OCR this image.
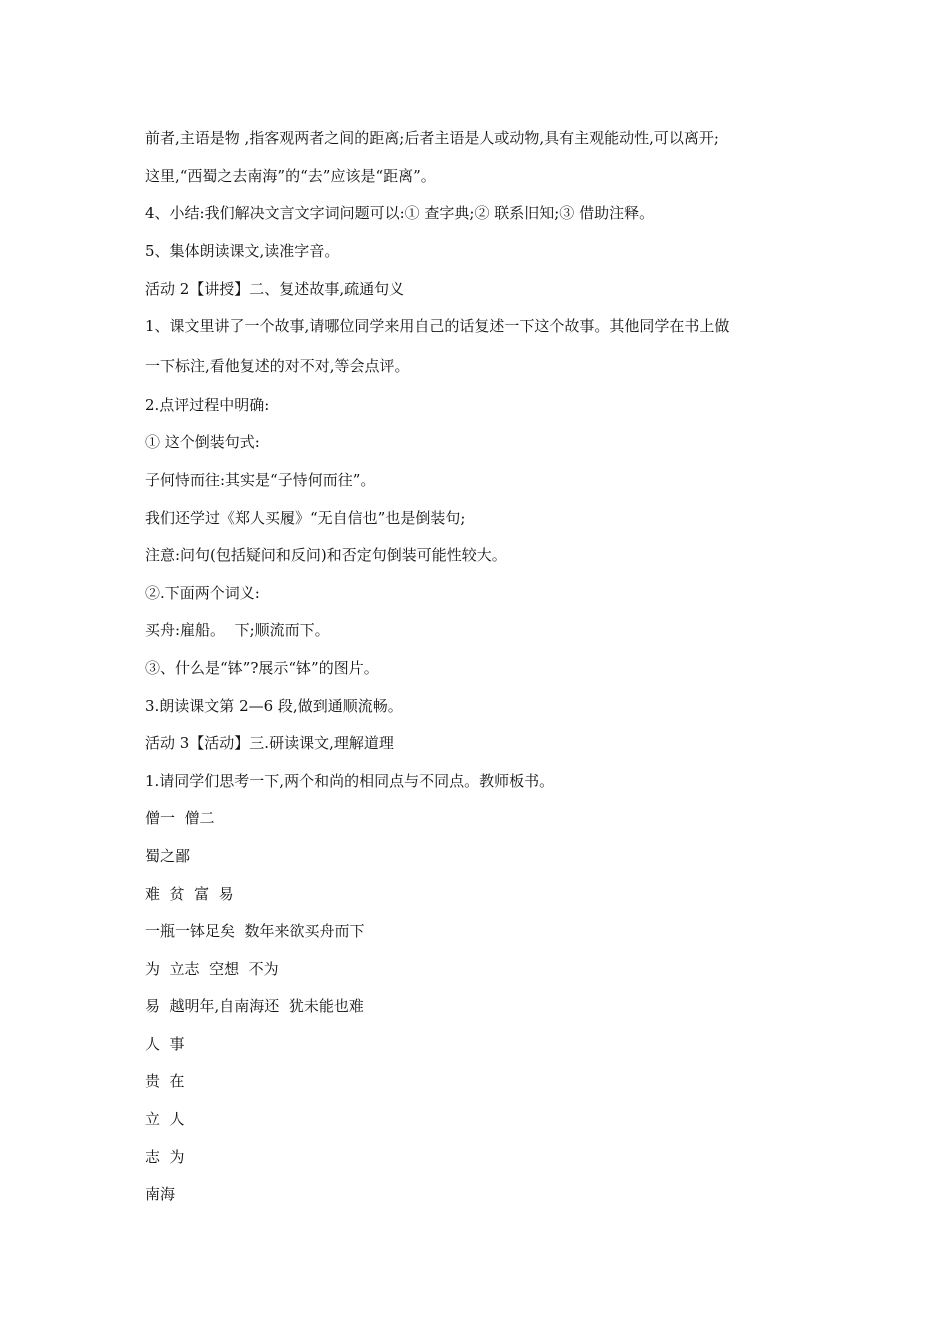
前者,主语是物 ,指客观两者之间的距离;后者主语是人或动物,具有主观能动性,可以离开;
这里,“西蜀之去南海”的“去”应该是“距离”。
4、小结:我们解决文言文字词问题可以:① 查字典;② 联系旧知;③ 借助注释。
5、集体朗读课文,读准字音。
活动 2【讲授】二、复述故事,疏通句义
1、课文里讲了一个故事,请哪位同学来用自己的话复述一下这个故事。其他同学在书上做
一下标注,看他复述的对不对,等会点评。
2.点评过程中明确:
① 这个倒装句式:
子何恃而往:其实是“子恃何而往”。
我们还学过《郑人买履》“无自信也”也是倒装句;
注意:问句(包括疑问和反问)和否定句倒装可能性较大。
②.下面两个词义:
买舟:雇船。  下;顺流而下。
③、什么是“钵”?展示“钵”的图片。
3.朗读课文第 2—6 段,做到通顺流畅。
活动 3【活动】三.研读课文,理解道理
1.请同学们思考一下,两个和尚的相同点与不同点。教师板书。
僧一  僧二
蜀之鄙
难  贫  富  易
一瓶一钵足矣  数年来欲买舟而下
为  立志  空想  不为
易  越明年,自南海还  犹未能也难
人  事
贵  在
立  人
志  为
南海
